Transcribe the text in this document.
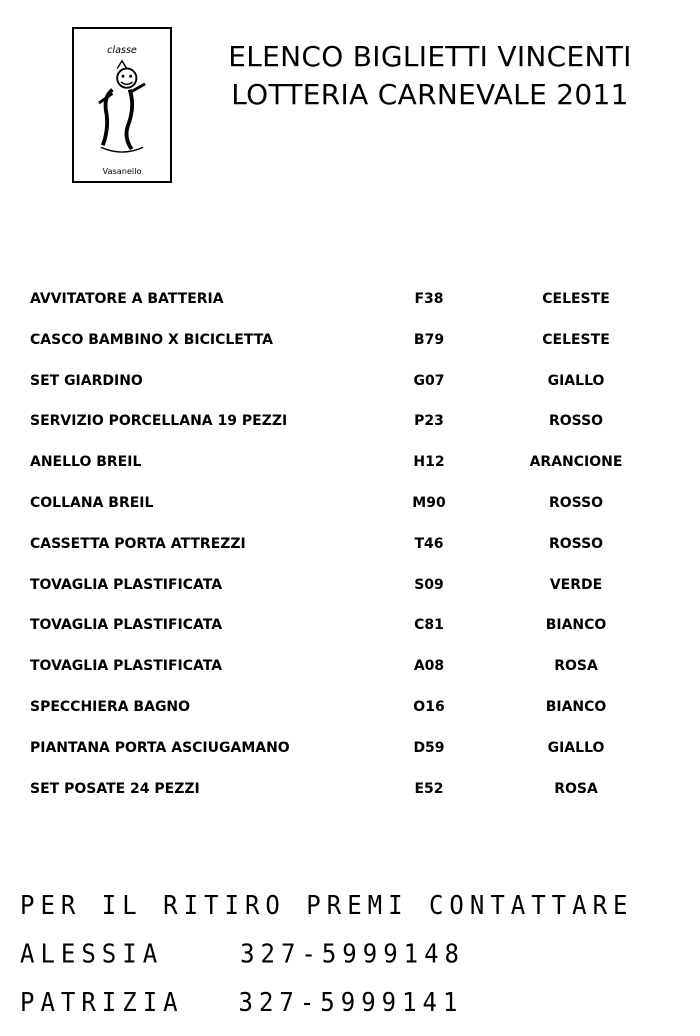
classe
Vasanello
ELENCO BIGLIETTI VINCENTI
LOTTERIA CARNEVALE 2011
AVVITATORE A BATTERIA	F38	CELESTE
CASCO BAMBINO X BICICLETTA	B79	CELESTE
SET GIARDINO	G07	GIALLO
SERVIZIO PORCELLANA 19 PEZZI	P23	ROSSO
ANELLO BREIL	H12	ARANCIONE
COLLANA BREIL	M90	ROSSO
CASSETTA PORTA ATTREZZI	T46	ROSSO
TOVAGLIA PLASTIFICATA	S09	VERDE
TOVAGLIA PLASTIFICATA	C81	BIANCO
TOVAGLIA PLASTIFICATA	A08	ROSA
SPECCHIERA BAGNO	O16	BIANCO
PIANTANA PORTA ASCIUGAMANO	D59	GIALLO
SET POSATE 24 PEZZI	E52	ROSA
PER IL RITIRO PREMI CONTATTARE
ALESSIA	327-5999148
PATRIZIA 327-5999141
